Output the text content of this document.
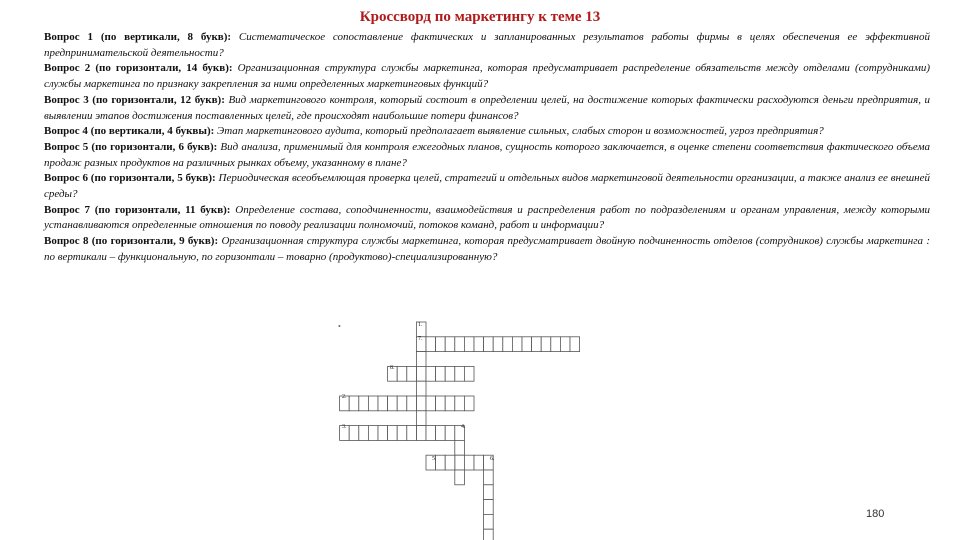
Кроссворд по маркетингу к теме 13

Вопрос 1 (по вертикали, 8 букв): Систематическое сопоставление фактических и запланированных результатов работы фирмы в целях обеспечения ее эффективной предпринимательской деятельности?

Вопрос 2 (по горизонтали, 14 букв): Организационная структура службы маркетинга, которая предусматривает распределение обязательств между отделами (сотрудниками) службы маркетинга по признаку закрепления за ними определенных маркетинговых функций?

Вопрос 3 (по горизонтали, 12 букв): Вид маркетингового контроля, который состоит в определении целей, на достижение которых фактически расходуются деньги предприятия, и выявлении этапов достижения поставленных целей, где происходят наибольшие потери финансов?

Вопрос 4 (по вертикали, 4 буквы): Этап маркетингового аудита, который предполагает выявление сильных, слабых сторон и возможностей, угроз предприятия?

Вопрос 5 (по горизонтали, 6 букв): Вид анализа, применимый для контроля ежегодных планов, сущность которого заключается, в оценке степени соответствия фактического объема продаж разных продуктов на различных рынках объему, указанному в плане?

Вопрос 6 (по горизонтали, 5 букв): Периодическая всеобъемлющая проверка целей, стратегий и отдельных видов маркетинговой деятельности организации, а также анализ ее внешней среды?

Вопрос 7 (по горизонтали, 11 букв): Определение состава, соподчиненности, взаимодействия и распределения работ по подразделениям и органам управления, между которыми устанавливаются определенные отношения по поводу реализации полномочий, потоков команд, работ и информации?

Вопрос 8 (по горизонтали, 9 букв): Организационная структура службы маркетинга, которая предусматривает двойную подчиненность отделов (сотрудников) службы маркетинга : по вертикали – функциональную, по горизонтали – товарно (продуктово)-специализированную?

•	1.
7.
8.
2.
3.	4.
5.	6.
180
